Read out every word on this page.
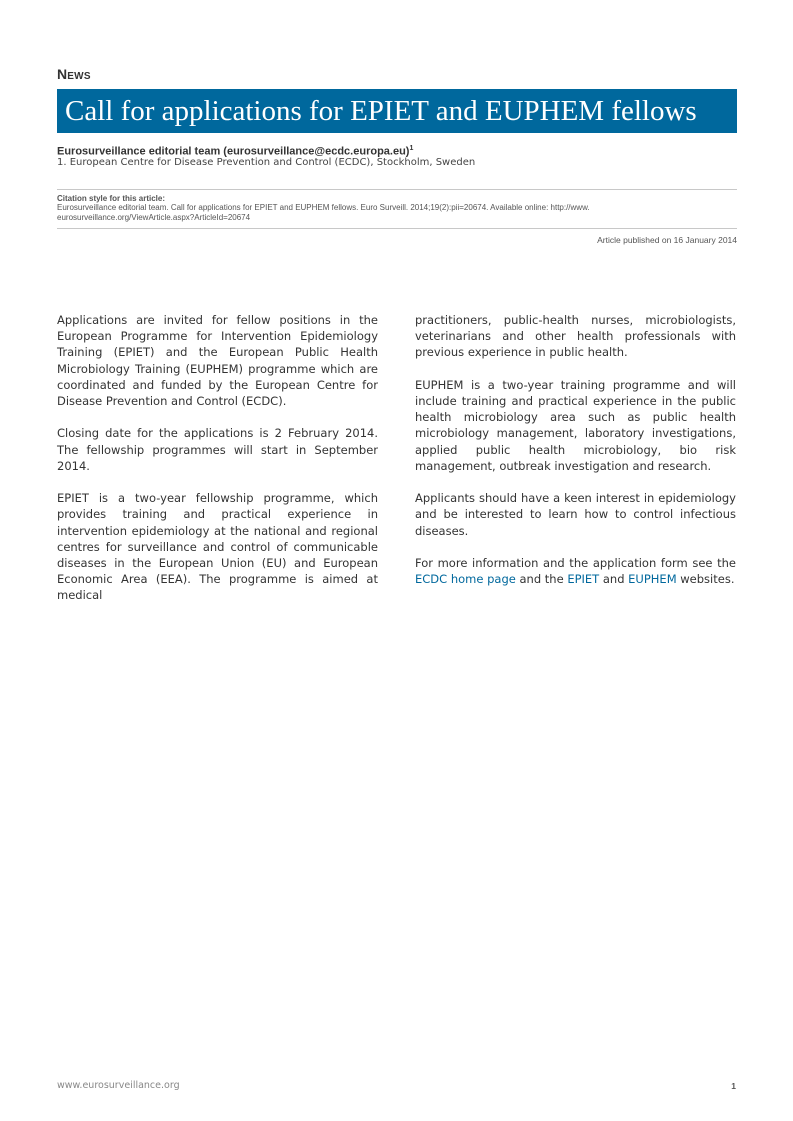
News
Call for applications for EPIET and EUPHEM fellows
Eurosurveillance editorial team (eurosurveillance@ecdc.europa.eu)$^1$
1. European Centre for Disease Prevention and Control (ECDC), Stockholm, Sweden
Citation style for this article:
Eurosurveillance editorial team. Call for applications for EPIET and EUPHEM fellows. Euro Surveill. 2014;19(2):pii=20674. Available online: http://www.
eurosurveillance.org/ViewArticle.aspx?ArticleId=20674
Article published on 16 January 2014

Applications are invited for fellow positions in the European Programme for Intervention Epidemiology Training (EPIET) and the European Public Health Microbiology Training (EUPHEM) programme which are coordinated and funded by the European Centre for Disease Prevention and Control (ECDC).

Closing date for the applications is 2 February 2014. The fellowship programmes will start in September 2014.

EPIET is a two-year fellowship programme, which provides training and practical experience in intervention epidemiology at the national and regional centres for surveillance and control of communicable diseases in the European Union (EU) and European Economic Area (EEA). The programme is aimed at medical

practitioners, public-health nurses, microbiologists, veterinarians and other health professionals with previous experience in public health.

EUPHEM is a two-year training programme and will include training and practical experience in the public health microbiology area such as public health microbiology management, laboratory investigations, applied public health microbiology, bio risk management, outbreak investigation and research.

Applicants should have a keen interest in epidemiology and be interested to learn how to control infectious diseases.

For more information and the application form see the ECDC home page and the EPIET and EUPHEM websites.

www.eurosurveillance.org	1
